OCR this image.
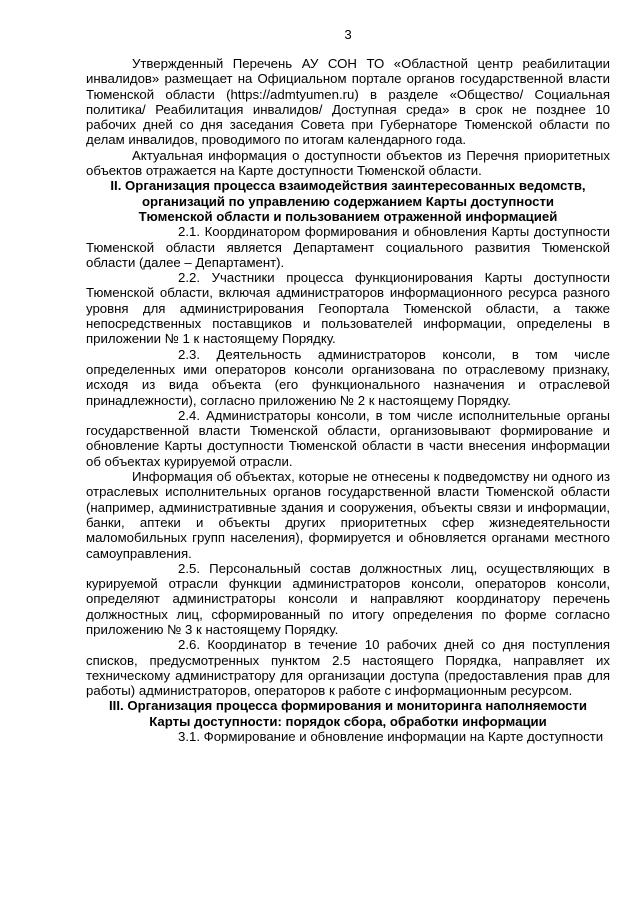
3

Утвержденный Перечень АУ СОН ТО «Областной центр реабилитации инвалидов» размещает на Официальном портале органов государственной власти Тюменской области (https://admtyumen.ru) в разделе «Общество/ Социальная политика/ Реабилитация инвалидов/ Доступная среда» в срок не позднее 10 рабочих дней со дня заседания Совета при Губернаторе Тюменской области по делам инвалидов, проводимого по итогам календарного года.

Актуальная информация о доступности объектов из Перечня приоритетных объектов отражается на Карте доступности Тюменской области.

II. Организация процесса взаимодействия заинтересованных ведомств,

организаций по управлению содержанием Карты доступности

Тюменской области и пользованием отраженной информацией

2.1. Координатором формирования и обновления Карты доступности Тюменской области является Департамент социального развития Тюменской области (далее – Департамент).

2.2. Участники процесса функционирования Карты доступности Тюменской области, включая администраторов информационного ресурса разного уровня для администрирования Геопортала Тюменской области, а также непосредственных поставщиков и пользователей информации, определены в приложении № 1 к настоящему Порядку.

2.3. Деятельность администраторов консоли, в том числе определенных ими операторов консоли организована по отраслевому признаку, исходя из вида объекта (его функционального назначения и отраслевой принадлежности), согласно приложению № 2 к настоящему Порядку.

2.4. Администраторы консоли, в том числе исполнительные органы государственной власти Тюменской области, организовывают формирование и обновление Карты доступности Тюменской области в части внесения информации об объектах курируемой отрасли.

Информация об объектах, которые не отнесены к подведомству ни одного из отраслевых исполнительных органов государственной власти Тюменской области (например, административные здания и сооружения, объекты связи и информации, банки, аптеки и объекты других приоритетных сфер жизнедеятельности маломобильных групп населения), формируется и обновляется органами местного самоуправления.

2.5. Персональный состав должностных лиц, осуществляющих в курируемой отрасли функции администраторов консоли, операторов консоли, определяют администраторы консоли и направляют координатору перечень должностных лиц, сформированный по итогу определения по форме согласно приложению № 3 к настоящему Порядку.

2.6. Координатор в течение 10 рабочих дней со дня поступления списков, предусмотренных пунктом 2.5 настоящего Порядка, направляет их техническому администратору для организации доступа (предоставления прав для работы) администраторов, операторов к работе с информационным ресурсом.

III. Организация процесса формирования и мониторинга наполняемости

Карты доступности: порядок сбора, обработки информации

3.1. Формирование и обновление информации на Карте доступности
